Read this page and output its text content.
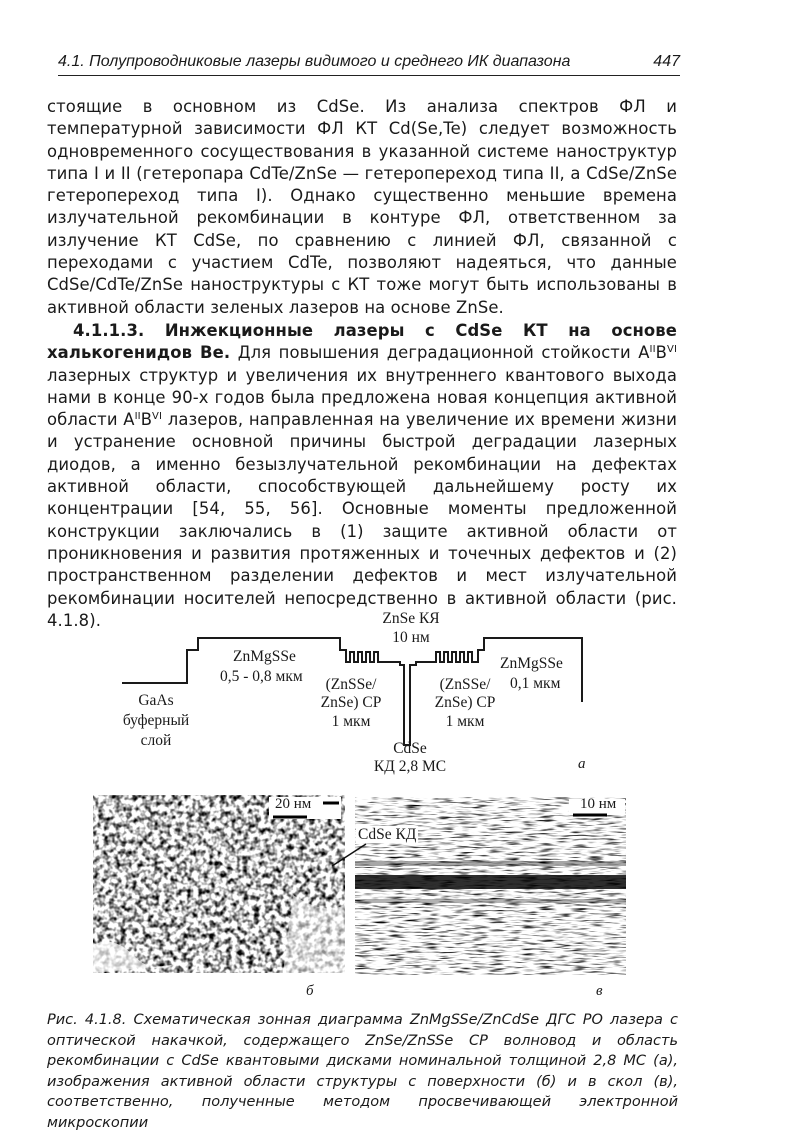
4.1. Полупроводниковые лазеры видимого и среднего ИК диапазона	447
стоящие в основном из CdSe. Из анализа спектров ФЛ и температурной зависимости ФЛ КТ Cd(Se,Te) следует возможность одновременного сосуществования в указанной системе наноструктур типа I и II (гетеропара CdTe/ZnSe — гетеропереход типа II, а CdSe/ZnSe гетеропереход типа I). Однако существенно меньшие времена излучательной рекомбинации в контуре ФЛ, ответственном за излучение КТ CdSe, по сравнению с линией ФЛ, связанной с переходами с участием CdTe, позволяют надеяться, что данные CdSe/CdTe/ZnSe наноструктуры с КТ тоже могут быть использованы в активной области зеленых лазеров на основе ZnSe.
4.1.1.3. Инжекционные лазеры с CdSe КТ на основе халькогенидов Be. Для повышения деградационной стойкости $A^{II}B^{VI}$ лазерных структур и увеличения их внутреннего квантового выхода нами в конце 90-х годов была предложена новая концепция активной области $A^{II}B^{VI}$ лазеров, направленная на увеличение их времени жизни и устранение основной причины быстрой деградации лазерных диодов, а именно безызлучательной рекомбинации на дефектах активной области, способствующей дальнейшему росту их концентрации [54, 55, 56]. Основные моменты предложенной конструкции заключались в (1) защите активной области от проникновения и развития протяженных и точечных дефектов и (2) пространственном разделении дефектов и мест излучательной рекомбинации носителей непосредственно в активной области (рис. 4.1.8).	ZnSe КЯ
10 нм
ZnMgSSe
0,5 - 0,8 мкм	(ZnSSe/
ZnSe) СР
1 мкм
(ZnSSe/
ZnSe) СР
1 мкм
ZnMgSSe
0,1 мкм
GaAs
буферный
слой	CdSe
КД 2,8 МС	а
20 нм	10 нм
CdSe КД
б	в
Рис. 4.1.8. Схематическая зонная диаграмма ZnMgSSe/ZnCdSe ДГС РО лазера с оптической накачкой, содержащего ZnSe/ZnSSe СР волновод и область рекомбинации с CdSe квантовыми дисками номинальной толщиной 2,8 МС (а), изображения активной области структуры с поверхности (б) и в скол (в), соответственно, полученные методом просвечивающей электронной микроскопии
